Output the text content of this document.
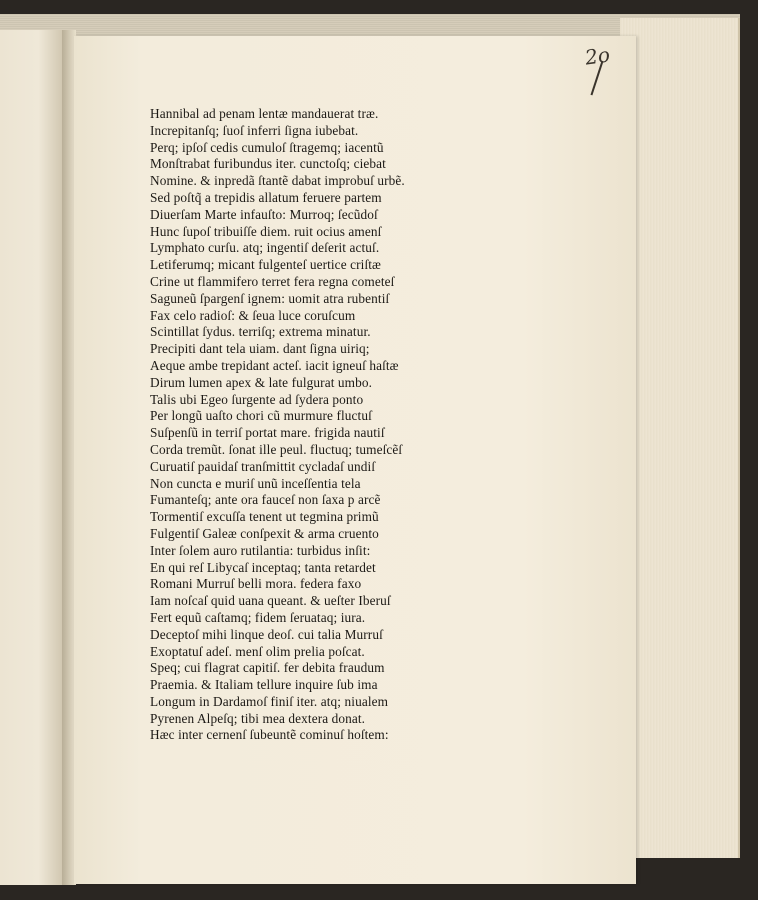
2o
Hannibal ad penam lentæ mandauerat træ.
Increpitanſq; ſuoſ inferri ſigna iubebat.
Perq; ipſoſ cedis cumuloſ ſtragemq; iacentũ
Monſtrabat furibundus iter. cunctoſq; ciebat
Nomine. & inpredã ſtantẽ dabat improbuſ urbẽ.
Sed poſtq̃ a trepidis allatum feruere partem
Diuerſam Marte infauſto: Murroq; ſecũdoſ
Hunc ſupoſ tribuiſſe diem. ruit ocius amenſ
Lymphato curſu. atq; ingentiſ deſerit actuſ.
Letiferumq; micant fulgenteſ uertice criſtæ
Crine ut flammifero terret fera regna cometeſ
Saguneũ ſpargenſ ignem: uomit atra rubentiſ
Fax celo radioſ: & ſeua luce coruſcum
Scintillat ſydus. terriſq; extrema minatur.
Precipiti dant tela uiam. dant ſigna uiriq;
Aeque ambe trepidant acteſ. iacit igneuſ haſtæ
Dirum lumen apex & late fulgurat umbo.
Talis ubi Egeo ſurgente ad ſydera ponto
Per longũ uaſto chori cũ murmure fluctuſ
Suſpenſũ in terriſ portat mare. frigida nautiſ
Corda tremũt. ſonat ille peul. fluctuq; tumeſcẽſ
Curuatiſ pauidaſ tranſmittit cycladaſ undiſ
Non cuncta e muriſ unũ inceſſentia tela
Fumanteſq; ante ora fauceſ non ſaxa p arcẽ
Tormentiſ excuſſa tenent ut tegmina primũ
Fulgentiſ Galeæ conſpexit & arma cruento
Inter ſolem auro rutilantia: turbidus inſit:
En qui reſ Libycaſ inceptaq; tanta retardet
Romani Murruſ belli mora. federa faxo
Iam noſcaſ quid uana queant. & ueſter Iberuſ
Fert equũ caſtamq; fidem ſeruataq; iura.
Deceptoſ mihi linque deoſ. cui talia Murruſ
Exoptatuſ adeſ. menſ olim prelia poſcat.
Speq; cui flagrat capitiſ. fer debita fraudum
Praemia. & Italiam tellure inquire ſub ima
Longum in Dardamoſ finiſ iter. atq; niualem
Pyrenen Alpeſq; tibi mea dextera donat.
Hæc inter cernenſ ſubeuntẽ cominuſ hoſtem:
